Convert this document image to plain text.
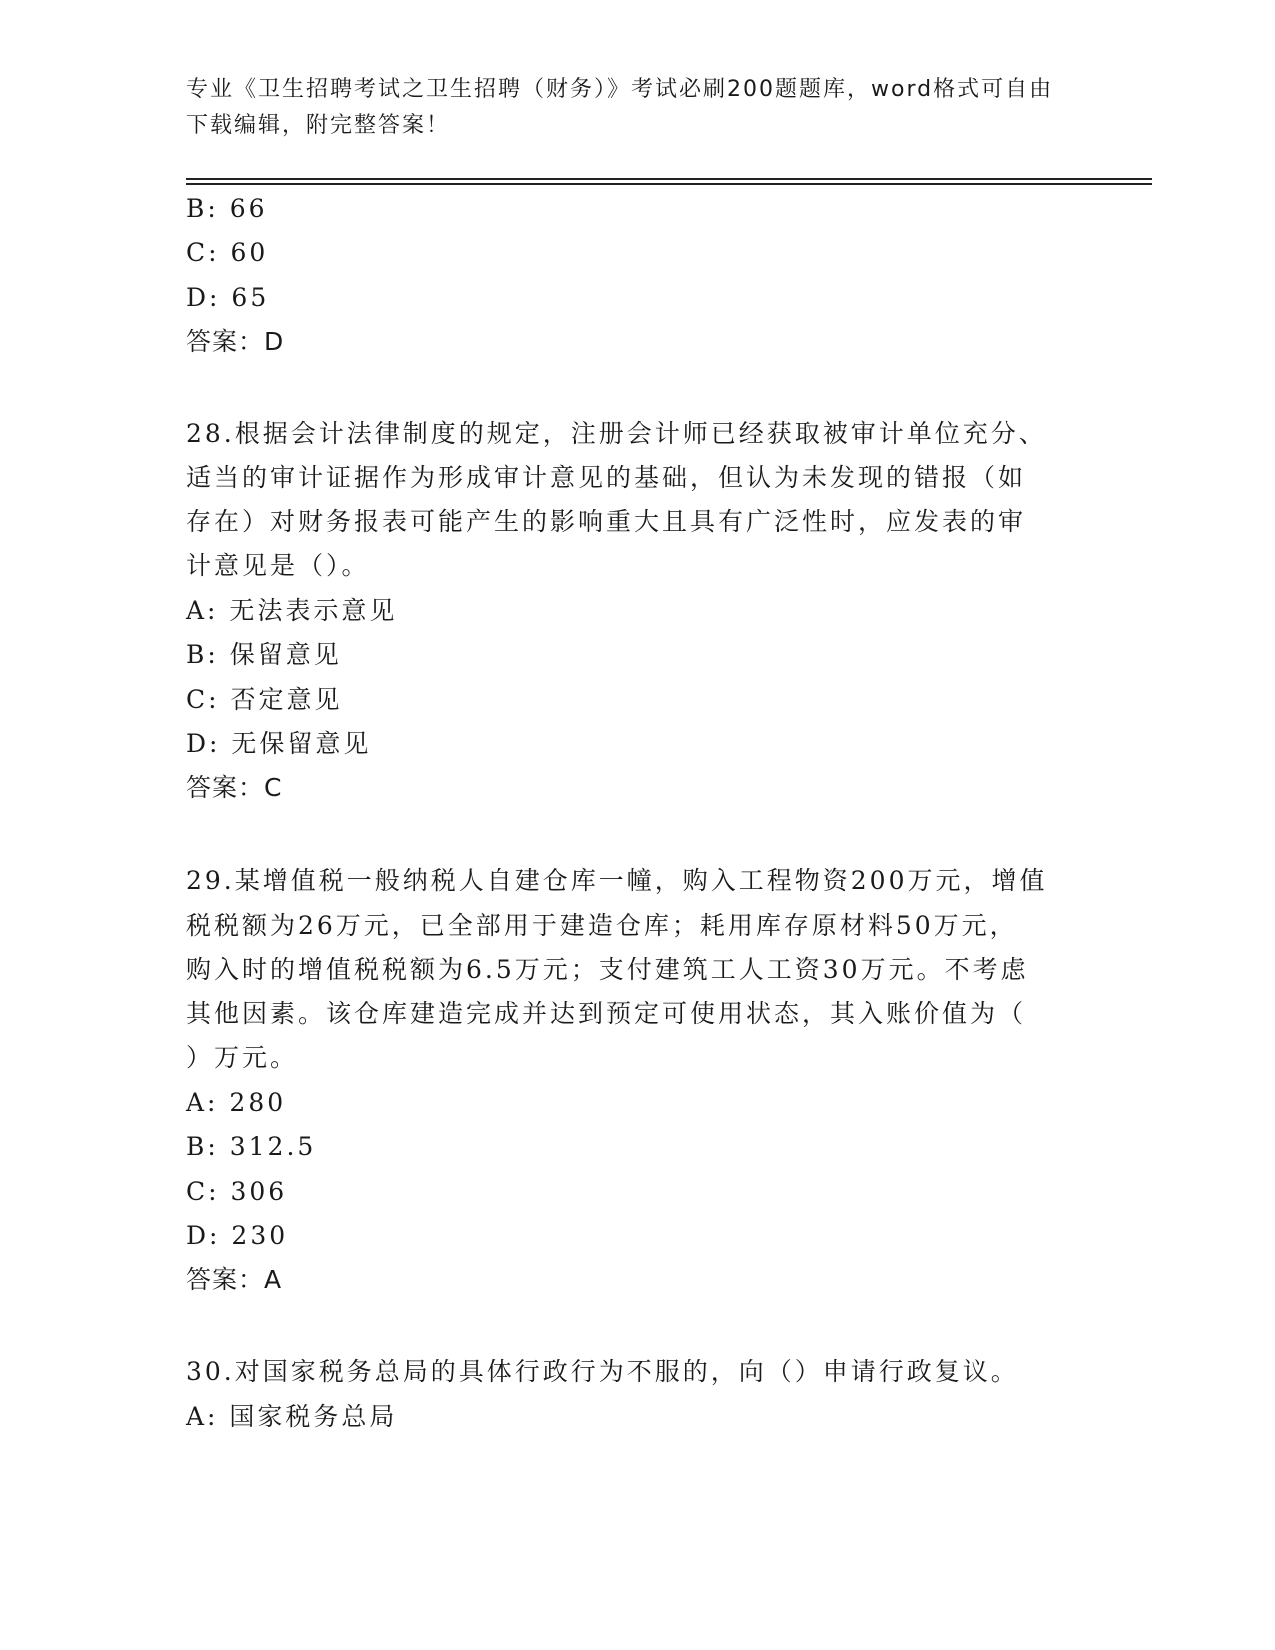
专业《卫生招聘考试之卫生招聘（财务）》考试必刷200题题库，word格式可自由下载编辑，附完整答案！
B: 66
C: 60
D: 65
答案：D
28.根据会计法律制度的规定，注册会计师已经获取被审计单位充分、
适当的审计证据作为形成审计意见的基础，但认为未发现的错报（如
存在）对财务报表可能产生的影响重大且具有广泛性时，应发表的审
计意见是（）。
A: 无法表示意见
B: 保留意见
C: 否定意见
D: 无保留意见
答案：C
29.某增值税一般纳税人自建仓库一幢，购入工程物资200万元，增值
税税额为26万元，已全部用于建造仓库；耗用库存原材料50万元，
购入时的增值税税额为6.5万元；支付建筑工人工资30万元。不考虑
其他因素。该仓库建造完成并达到预定可使用状态，其入账价值为（
）万元。
A: 280
B: 312.5
C: 306
D: 230
答案：A
30.对国家税务总局的具体行政行为不服的，向（）申请行政复议。
A: 国家税务总局
